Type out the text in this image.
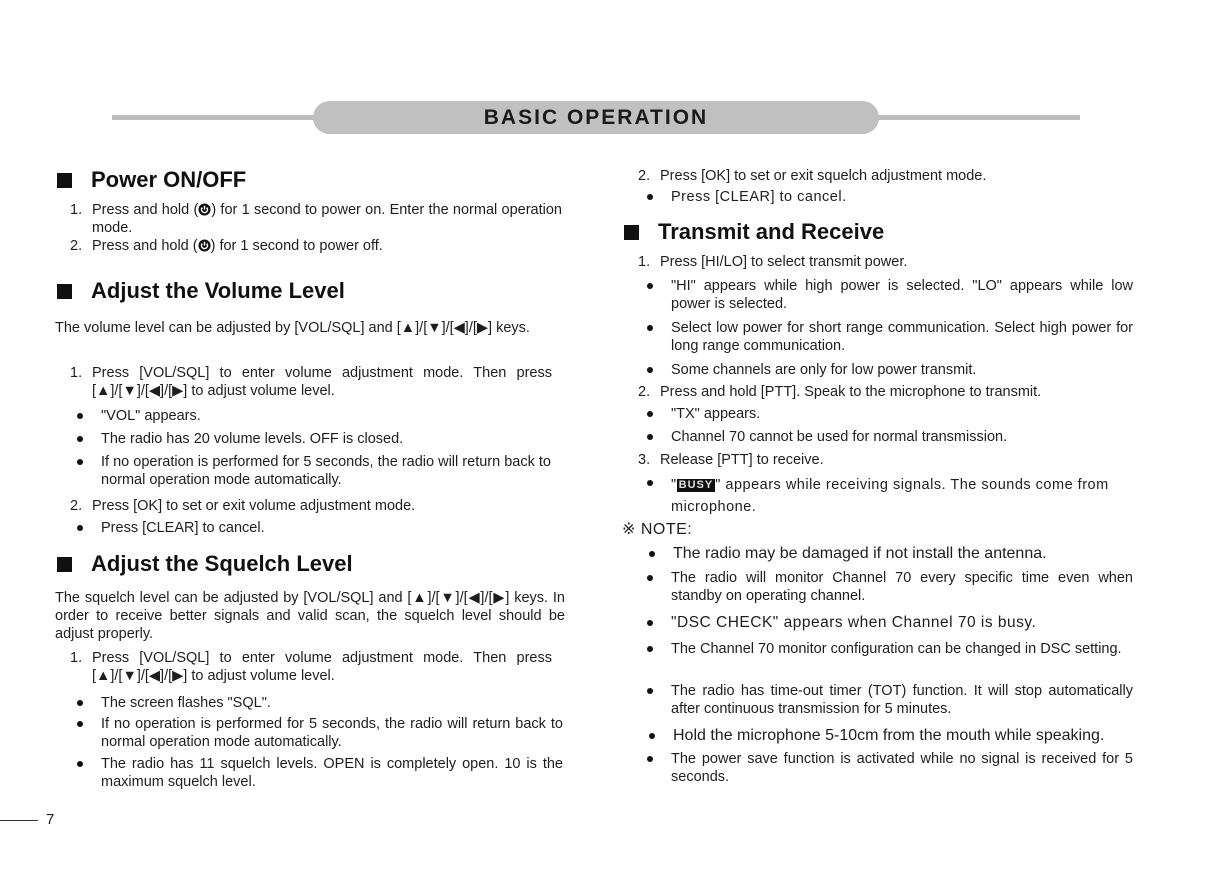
BASIC OPERATION
Power ON/OFF
1. Press and hold ( ) for 1 second to power on. Enter the normal operation mode.
2. Press and hold ( ) for 1 second to power off.
Adjust the Volume Level
The volume level can be adjusted by [VOL/SQL] and [▲]/[▼]/[◀]/[▶] keys.
1. Press [VOL/SQL] to enter volume adjustment mode. Then press [▲]/[▼]/[◀]/[▶] to adjust volume level.
"VOL" appears.
The radio has 20 volume levels. OFF is closed.
If no operation is performed for 5 seconds, the radio will return back to normal operation mode automatically.
2. Press [OK] to set or exit volume adjustment mode.
Press [CLEAR] to cancel.
Adjust the Squelch Level
The squelch level can be adjusted by [VOL/SQL] and [▲]/[▼]/[◀]/[▶] keys. In order to receive better signals and valid scan, the squelch level should be adjust properly.
1. Press [VOL/SQL] to enter volume adjustment mode. Then press [▲]/[▼]/[◀]/[▶] to adjust volume level.
The screen flashes "SQL".
If no operation is performed for 5 seconds, the radio will return back to normal operation mode automatically.
The radio has 11 squelch levels. OPEN is completely open. 10 is the maximum squelch level.
2. Press [OK] to set or exit squelch adjustment mode.
Press [CLEAR] to cancel.
Transmit and Receive
1. Press [HI/LO] to select transmit power.
"HI" appears while high power is selected. "LO" appears while low power is selected.
Select low power for short range communication. Select high power for long range communication.
Some channels are only for low power transmit.
2. Press and hold [PTT]. Speak to the microphone to transmit.
"TX" appears.
Channel 70 cannot be used for normal transmission.
3. Release [PTT] to receive.
" BUSY " appears while receiving signals. The sounds come from microphone.
※ NOTE:
The radio may be damaged if not install the antenna.
The radio will monitor Channel 70 every specific time even when standby on operating channel.
"DSC CHECK" appears when Channel 70 is busy.
The Channel 70 monitor configuration can be changed in DSC setting.
The radio has time-out timer (TOT) function. It will stop automatically after continuous transmission for 5 minutes.
Hold the microphone 5-10cm from the mouth while speaking.
The power save function is activated while no signal is received for 5 seconds.
7
